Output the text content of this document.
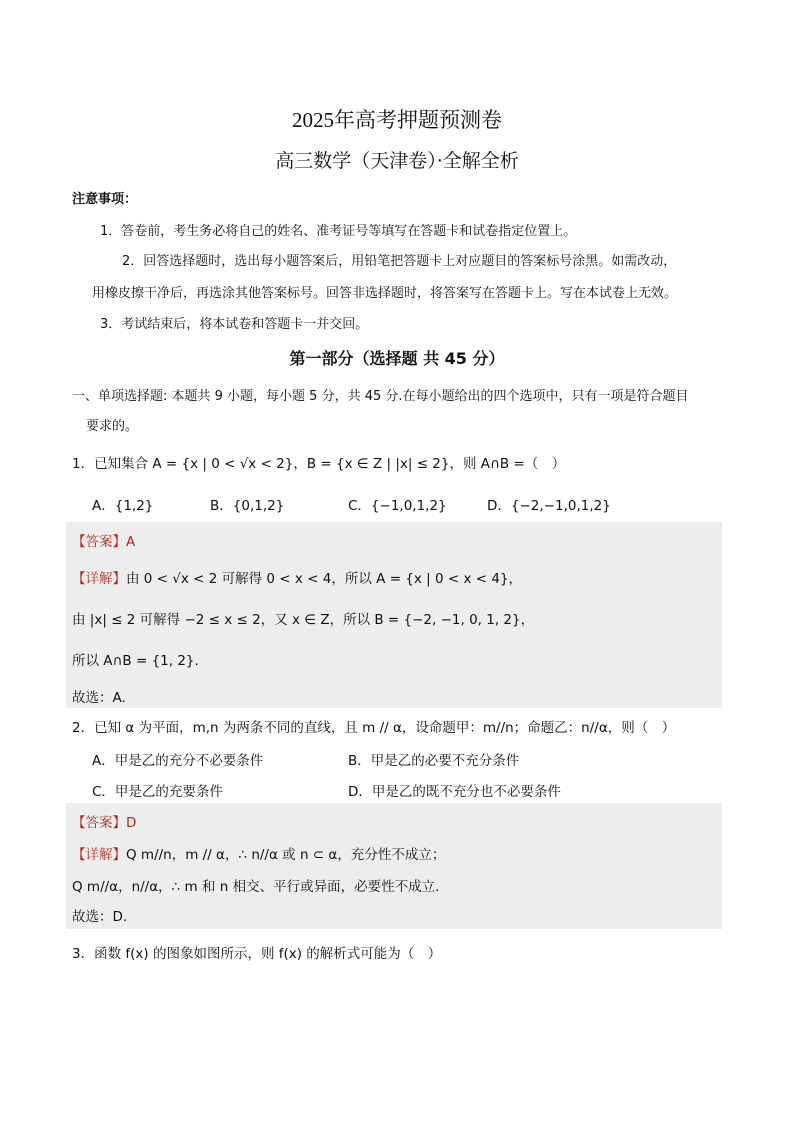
2025年高考押题预测卷
高三数学（天津卷）·全解全析
注意事项：
1．答卷前，考生务必将自己的姓名、准考证号等填写在答题卡和试卷指定位置上。
2．回答选择题时，选出每小题答案后，用铅笔把答题卡上对应题目的答案标号涂黑。如需改动，
用橡皮擦干净后，再选涂其他答案标号。回答非选择题时，将答案写在答题卡上。写在本试卷上无效。
3．考试结束后，将本试卷和答题卡一并交回。
第一部分（选择题 共 45 分）
一、单项选择题: 本题共 9 小题，每小题 5 分，共 45 分.在每小题给出的四个选项中，只有一项是符合题目
要求的。
1．已知集合 A = {x | 0 < √x < 2}，B = {x ∈ Z | |x| ≤ 2}，则 A∩B =（　）
A．{1,2}	B．{0,1,2}	C．{−1,0,1,2}	D．{−2,−1,0,1,2}
【答案】A
【详解】由 0 < √x < 2 可解得 0 < x < 4，所以 A = {x | 0 < x < 4}，
由 |x| ≤ 2 可解得 −2 ≤ x ≤ 2，又 x ∈ Z，所以 B = {−2, −1, 0, 1, 2}，
所以 A∩B = {1, 2}.
故选：A.
2．已知 α 为平面，m,n 为两条不同的直线，且 m // α，设命题甲：m//n；命题乙：n//α，则（　）
A．甲是乙的充分不必要条件	B．甲是乙的必要不充分条件
C．甲是乙的充要条件	D．甲是乙的既不充分也不必要条件
【答案】D
【详解】Q m//n，m // α，∴ n//α 或 n ⊂ α，充分性不成立；
Q m//α，n//α，∴ m 和 n 相交、平行或异面，必要性不成立.
故选：D.
3．函数 f(x) 的图象如图所示，则 f(x) 的解析式可能为（　）
